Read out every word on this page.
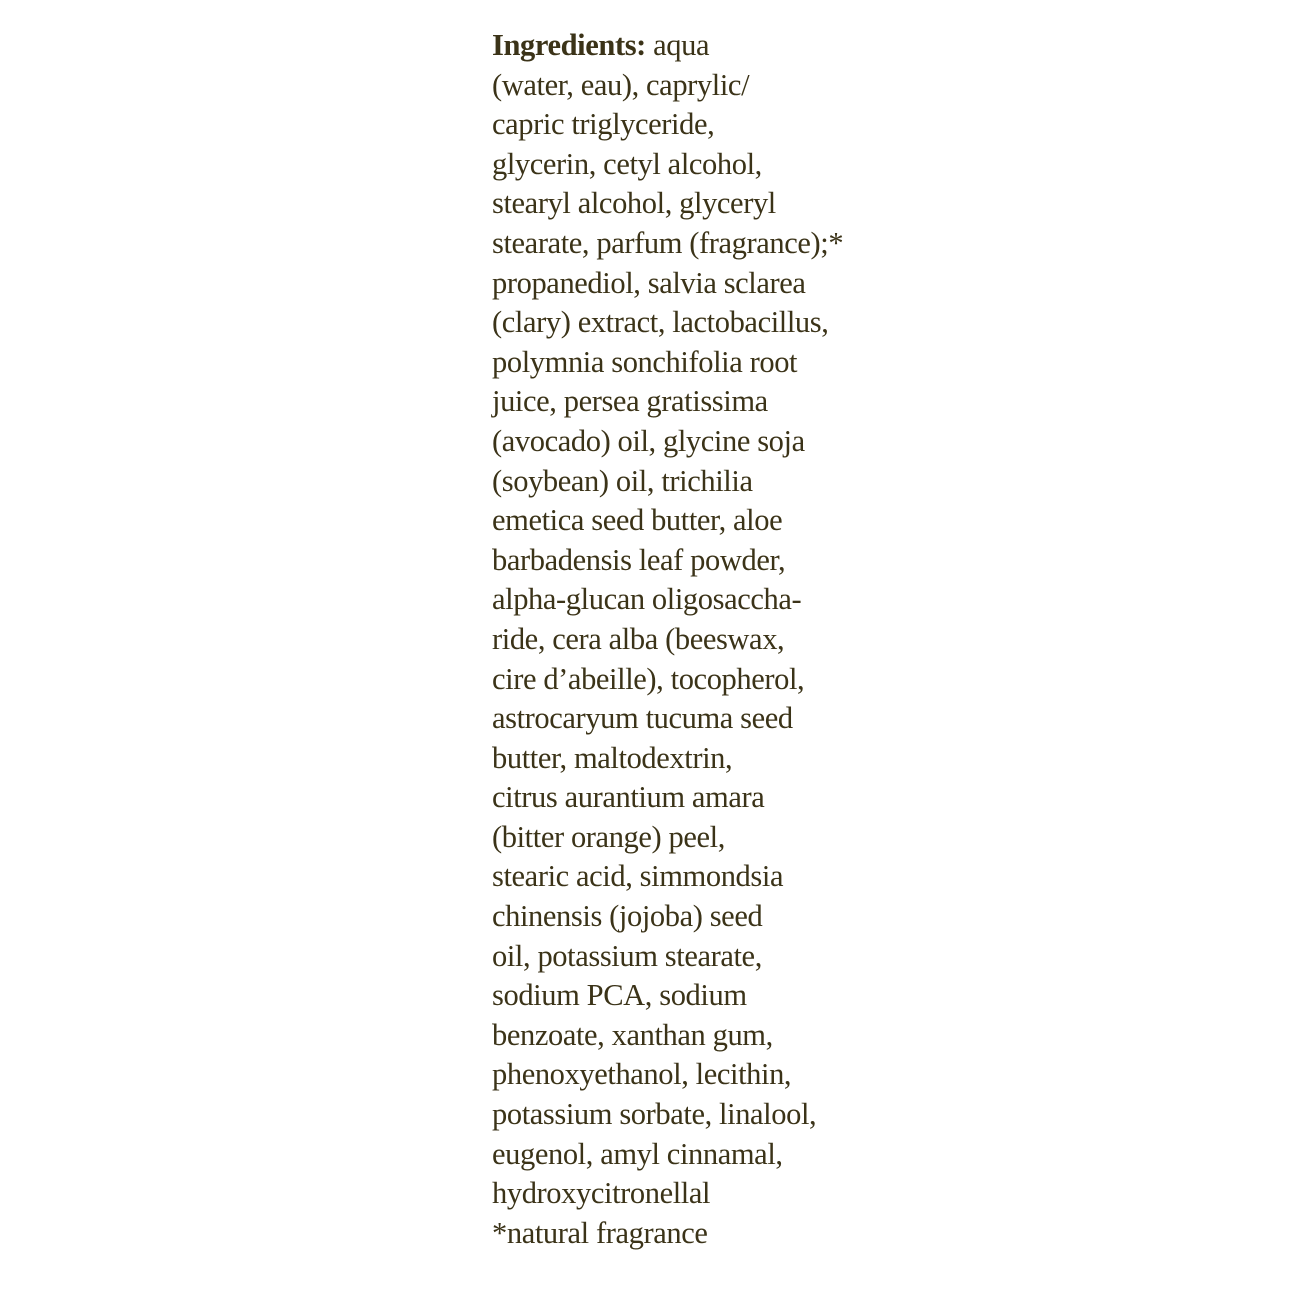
Ingredients: aqua
(water, eau), caprylic/
capric triglyceride,
glycerin, cetyl alcohol,
stearyl alcohol, glyceryl
stearate, parfum (fragrance);*
propanediol, salvia sclarea
(clary) extract, lactobacillus,
polymnia sonchifolia root
juice, persea gratissima
(avocado) oil, glycine soja
(soybean) oil, trichilia
emetica seed butter, aloe
barbadensis leaf powder,
alpha-glucan oligosaccha-
ride, cera alba (beeswax,
cire d’abeille), tocopherol,
astrocaryum tucuma seed
butter, maltodextrin,
citrus aurantium amara
(bitter orange) peel,
stearic acid, simmondsia
chinensis (jojoba) seed
oil, potassium stearate,
sodium PCA, sodium
benzoate, xanthan gum,
phenoxyethanol, lecithin,
potassium sorbate, linalool,
eugenol, amyl cinnamal,
hydroxycitronellal
*natural fragrance
